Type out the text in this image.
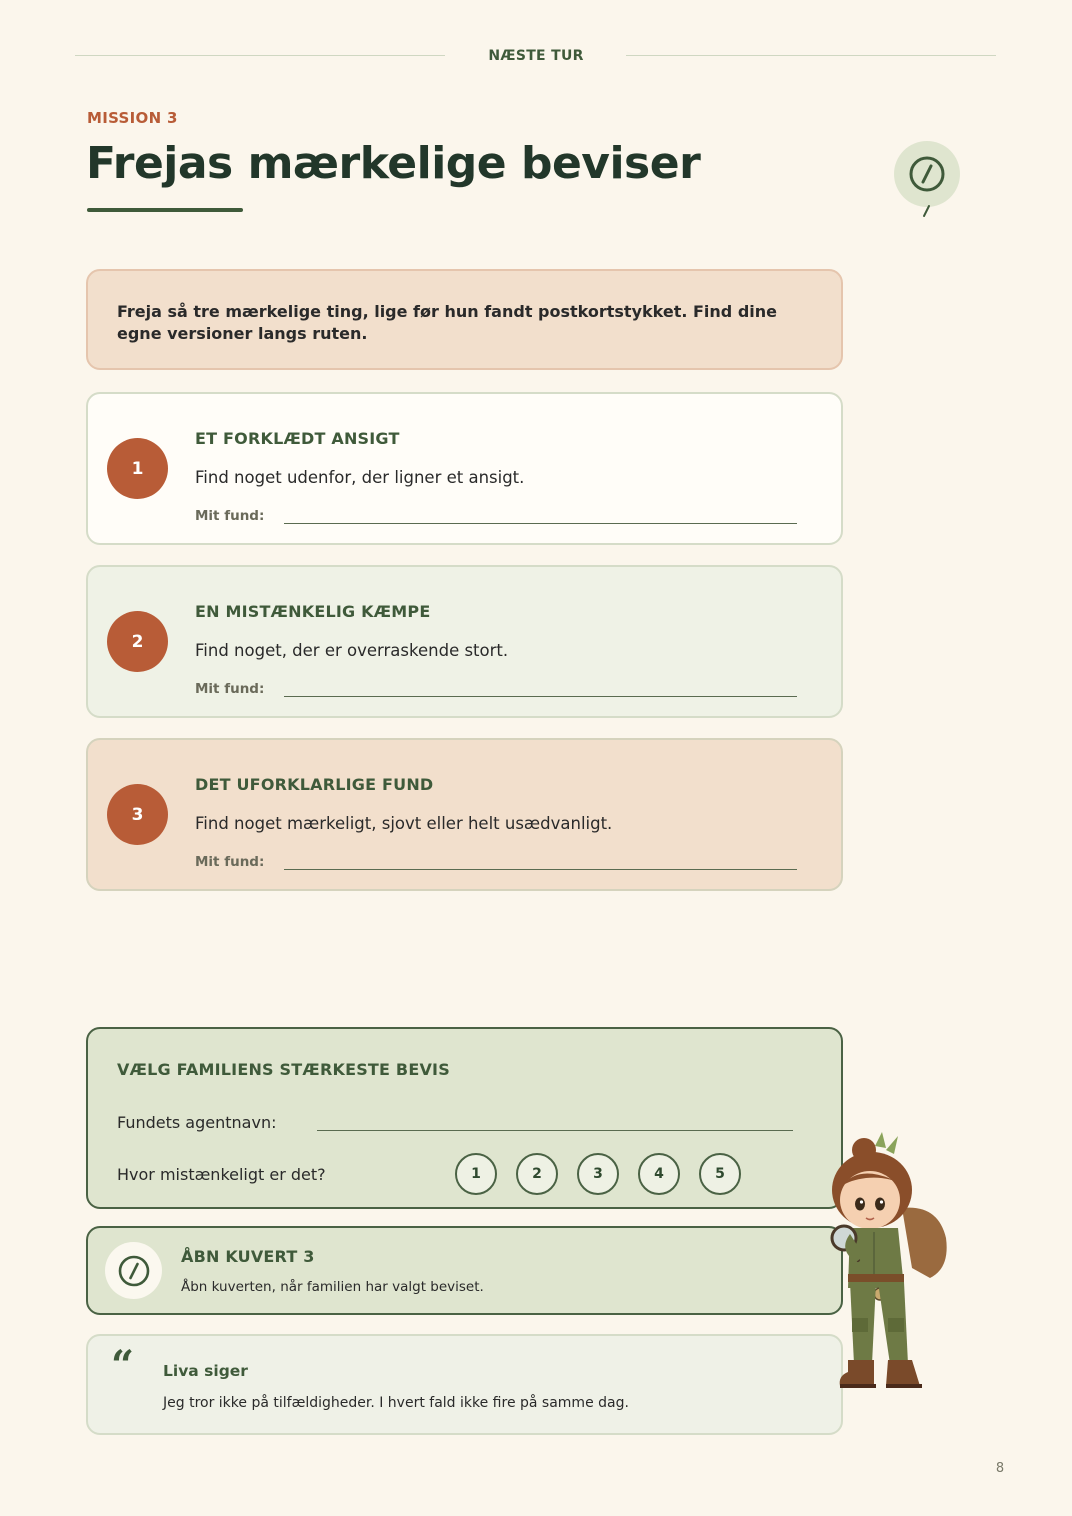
NÆSTE TUR
MISSION 3
Frejas mærkelige beviser

Freja så tre mærkelige ting, lige før hun fandt postkortstykket. Find dine egne versioner langs ruten.

1
ET FORKLÆDT ANSIGT
Find noget udenfor, der ligner et ansigt.
Mit fund:
2
EN MISTÆNKELIG KÆMPE
Find noget, der er overraskende stort.
Mit fund:
3
DET UFORKLARLIGE FUND
Find noget mærkeligt, sjovt eller helt usædvanligt.
Mit fund:
VÆLG FAMILIENS STÆRKESTE BEVIS
Fundets agentnavn:
Hvor mistænkeligt er det?	1	2	3	4	5
ÅBN KUVERT 3
Åbn kuverten, når familien har valgt beviset.
“ Liva siger
Jeg tror ikke på tilfældigheder. I hvert fald ikke fire på samme dag.
8
